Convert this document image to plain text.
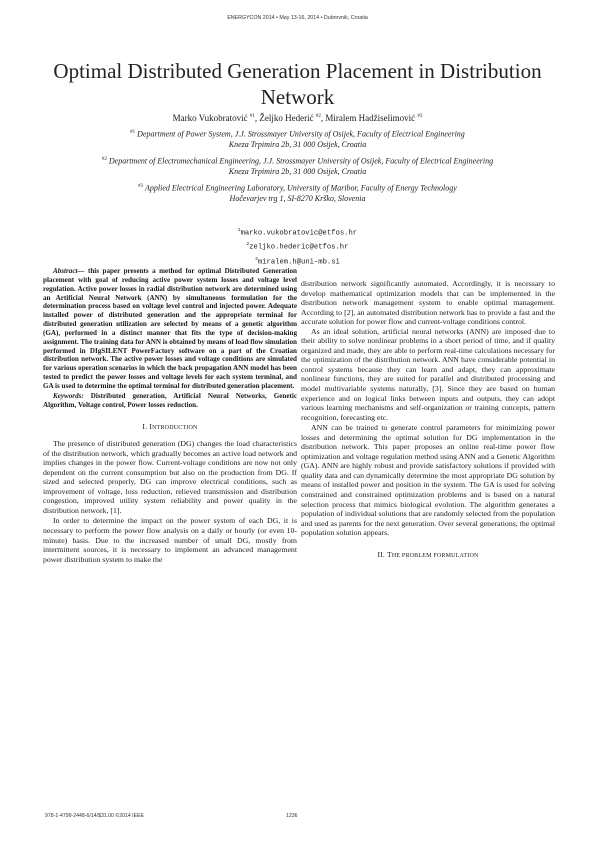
ENERGYCON 2014 • May 13-16, 2014 • Dubrovnik, Croatia
Optimal Distributed Generation Placement in Distribution Network
Marko Vukobratović $^{\#1}$, Željko Hederić $^{\#2}$, Miralem Hadžiselimović $^{\#3}$
$^{\#1}$ Department of Power System, J.J. Strossmayer University of Osijek, Faculty of Electrical Engineering
Kneza Trpimira 2b, 31 000 Osijek, Croatia
$^{\#2}$ Department of Electromechanical Engineering, J.J. Strossmayer University of Osijek, Faculty of Electrical Engineering
Kneza Trpimira 2b, 31 000 Osijek, Croatia
$^{\#3}$ Applied Electrical Engineering Laboratory, University of Maribor, Faculty of Energy Technology
Hočevarjev trg 1, SI-8270 Krško, Slovenia
$^1$marko.vukobratovic@etfos.hr
$^2$zeljko.hederic@etfos.hr
$^3$miralem.h@uni-mb.si

Abstract— this paper presents a method for optimal Distributed Generation placement with goal of reducing active power system losses and voltage level regulation. Active power losses in radial distribution network are determined using an Artificial Neural Network (ANN) by simultaneous formulation for the determination process based on voltage level control and injected power. Adequate installed power of distributed generation and the appropriate terminal for distributed generation utilization are selected by means of a genetic algorithm (GA), performed in a distinct manner that fits the type of decision-making assignment. The training data for ANN is obtained by means of load flow simulation performed in DIgSILENT PowerFactory software on a part of the Croatian distribution network. The active power losses and voltage conditions are simulated for various operation scenarios in which the back propagation ANN model has been tested to predict the power losses and voltage levels for each system terminal, and GA is used to determine the optimal terminal for distributed generation placement.

Keywords: Distributed generation, Artificial Neural Networks, Genetic Algorithm, Voltage control, Power losses reduction.

I. INTRODUCTION

The presence of distributed generation (DG) changes the load characteristics of the distribution network, which gradually becomes an active load network and implies changes in the power flow. Current-voltage conditions are now not only dependent on the current consumption but also on the production from DG. If sized and selected properly, DG can improve electrical conditions, such as improvement of voltage, loss reduction, relieved transmission and distribution congestion, improved utility system reliability and power quality in the distribution network, [1].

In order to determine the impact on the power system of each DG, it is necessary to perform the power flow analysis on a daily or hourly (or even 10-minute) basis. Due to the increased number of small DG, mostly from intermittent sources, it is necessary to implement an advanced management power distribution system to make the

distribution network significantly automated. Accordingly, it is necessary to develop mathematical optimization models that can be implemented in the distribution network management system to enable optimal management. According to [2], an automated distribution network has to provide a fast and the accurate solution for power flow and current-voltage conditions control.

As an ideal solution, artificial neural networks (ANN) are imposed due to their ability to solve nonlinear problems in a short period of time, and if quality organized and made, they are able to perform real-time calculations necessary for the optimization of the distribution network. ANN have considerable potential in control systems because they can learn and adapt, they can approximate nonlinear functions, they are suited for parallel and distributed processing and model multivariable systems naturally, [3]. Since they are based on human experience and on logical links between inputs and outputs, they can adopt various learning mechanisms and self-organization or training concepts, pattern recognition, forecasting etc.

ANN can be trained to generate control parameters for minimizing power losses and determining the optimal solution for DG implementation in the distribution network. This paper proposes an online real-time power flow optimization and voltage regulation method using ANN and a Genetic Algorithm (GA). ANN are highly robust and provide satisfactory solutions if provided with quality data and can dynamically determine the most appropriate DG solution by means of installed power and position in the system. The GA is used for solving constrained and constrained optimization problems and is based on a natural selection process that mimics biological evolution. The algorithm generates a population of individual solutions that are randomly selected from the population and used as parents for the next generation. Over several generations, the optimal population solution appears.

II. THE PROBLEM FORMULATION
978-1-4799-2448-6/14/$31.00 ©2014 IEEE	1236
